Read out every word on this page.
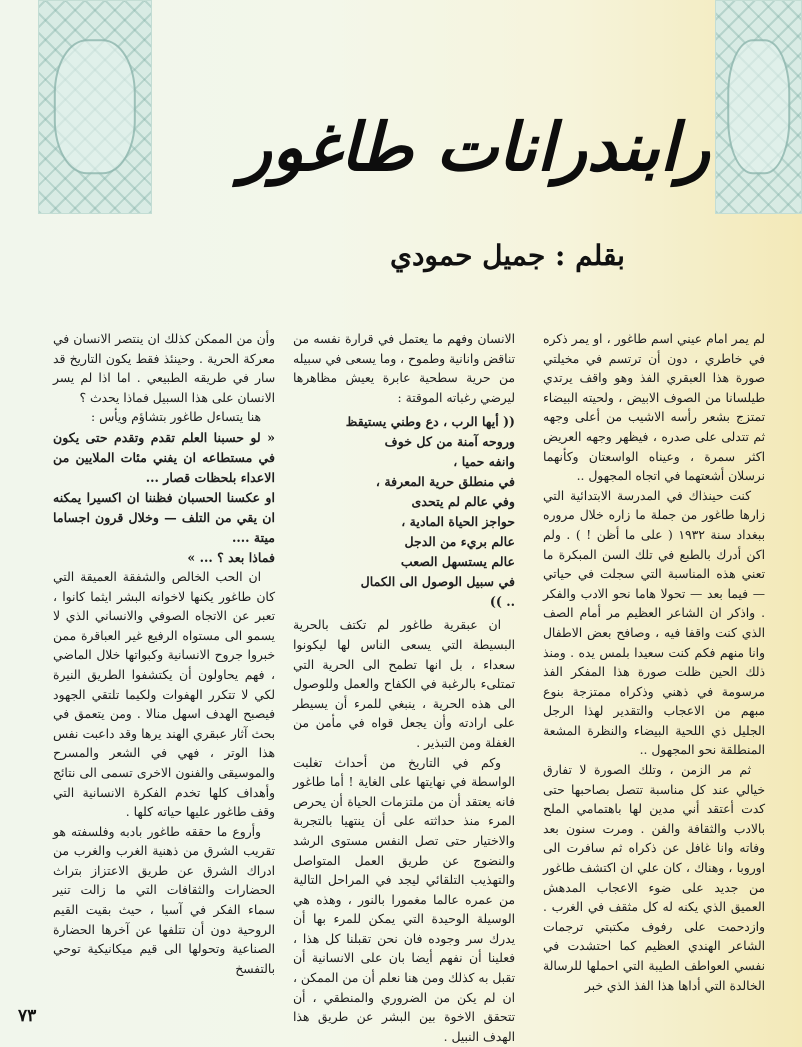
رابندرانات طاغور
بقلم : جميل حمودي

لم يمر امام عيني اسم طاغور ، او يمر ذكره في خاطري ، دون أن ترتسم في مخيلتي صورة هذا العبقري الفذ وهو واقف يرتدي طيلسانا من الصوف الابيض ، ولحيته البيضاء تمتزج بشعر رأسه الاشيب من أعلى وجهه ثم تتدلى على صدره ، فيظهر وجهه العريض اكثر سمرة ، وعيناه الواسعتان وكأنهما نرسلان أشعتهما في اتجاه المجهول ..

كنت حينذاك في المدرسة الابتدائية التي زارها طاغور من جملة ما زاره خلال مروره ببغداد سنة ١٩٣٢ ( على ما أظن ! ) . ولم اكن أدرك بالطبع في تلك السن المبكرة ما تعني هذه المناسبة التي سجلت في حياتي — فيما بعد — تحولا هاما نحو الادب والفكر . واذكر ان الشاعر العظيم مر أمام الصف الذي كنت واقفا فيه ، وصافح بعض الاطفال وانا منهم فكم كنت سعيدا بلمس يده . ومنذ ذلك الحين ظلت صورة هذا المفكر الفذ مرسومة في ذهني وذكراه ممتزجة بنوع مبهم من الاعجاب والتقدير لهذا الرجل الجليل ذي اللحية البيضاء والنظرة المشعة المنطلقة نحو المجهول ..

ثم مر الزمن ، وتلك الصورة لا تفارق خيالي عند كل مناسبة تتصل بصاحبها حتى كدت أعتقد أني مدين لها باهتمامي الملح بالادب والثقافة والفن . ومرت سنون بعد وفاته وانا غافل عن ذكراه ثم سافرت الى اوروبا ، وهناك ، كان علي ان اكتشف طاغور من جديد على ضوء الاعجاب المدهش العميق الذي يكنه له كل مثقف في الغرب . وازدحمت على رفوف مكتبتي ترجمات الشاعر الهندي العظيم كما احتشدت في نفسي العواطف الطيبة التي احملها للرسالة الخالدة التي أداها هذا الفذ الذي خبر

الانسان وفهم ما يعتمل في قرارة نفسه من تناقض وانانية وطموح ، وما يسعى في سبيله من حرية سطحية عابرة يعيش مظاهرها ليرضي رغباته الموقتة :

(( أيها الرب ، دع وطني يستيقظ
وروحه آمنة من كل خوف
وانفه حميا ،
في منطلق حرية المعرفة ،
وفي عالم لم يتحدى
حواجز الحياة المادية ،
عالم بريء من الدجل
عالم يستسهل الصعب
في سبيل الوصول الى الكمال
.. ))

ان عبقرية طاغور لم تكتف بالحرية البسيطة التي يسعى الناس لها ليكونوا سعداء ، بل انها تطمح الى الحرية التي تمتلىء بالرغبة في الكفاح والعمل وللوصول الى هذه الحرية ، ينبغي للمرء أن يسيطر على ارادته وأن يجعل قواه في مأمن من الغفلة ومن التبذير .

وكم في التاريخ من أحداث تغلبت الواسطة في نهايتها على الغاية ! أما طاغور فانه يعتقد أن من ملتزمات الحياة أن يحرص المرء منذ حداثته على أن ينتهيا بالتجربة والاختيار حتى تصل النفس مستوى الرشد والنضوج عن طريق العمل المتواصل والتهذيب التلقائي ليجد في المراحل التالية من عمره عالما مغمورا بالنور ، وهذه هي الوسيلة الوحيدة التي يمكن للمرء بها أن يدرك سر وجوده فان نحن تقبلنا كل هذا ، فعلينا أن نفهم أيضا بان على الانسانية أن تقبل به كذلك ومن هنا نعلم أن من الممكن ، ان لم يكن من الضروري والمنطقي ، أن تتحقق الاخوة بين البشر عن طريق هذا الهدف النبيل .

وأن من الممكن كذلك ان ينتصر الانسان في معركة الحرية . وحينئذ فقط يكون التاريخ قد سار في طريقه الطبيعي . اما اذا لم يسر الانسان على هذا السبيل فماذا يحدث ؟

هنا يتساءل طاغور بتشاؤم ويأس :

« لو حسبنا العلم تقدم وتقدم حتى يكون في مستطاعه ان يفني مئات الملايين من الاعداء بلحظات قصار ...

او عكسنا الحسبان فظننا ان اكسيرا يمكنه ان يقي من التلف — وخلال قرون اجساما ميتة ....

فماذا بعد ؟ ... »

ان الحب الخالص والشفقة العميقة التي كان طاغور يكنها لاخوانه البشر ايثما كانوا ، تعبر عن الاتجاه الصوفي والانساني الذي لا يسمو الى مستواه الرفيع غير العباقرة ممن خبروا جروح الانسانية وكبواتها خلال الماضي ، فهم يحاولون أن يكتشفوا الطريق النيرة لكي لا تتكرر الهفوات ولكيما تلتقي الجهود فيصبح الهدف اسهل منالا . ومن يتعمق في بحث آثار عبقري الهند يرها وقد داعبت نفس هذا الوتر ، فهي في الشعر والمسرح والموسيقى والفنون الاخرى تسمى الى نتائج وأهداف كلها تخدم الفكرة الانسانية التي وقف طاغور عليها حياته كلها .

وأروع ما حققه طاغور بادبه وفلسفته هو تقريب الشرق من ذهنية الغرب والغرب من ادراك الشرق عن طريق الاعتزاز بتراث الحضارات والثقافات التي ما زالت تنير سماء الفكر في آسيا ، حيث بقيت القيم الروحية دون أن تتلفها عن آخرها الحضارة الصناعية وتحولها الى قيم ميكانيكية توحي بالتفسخ

٧٣
